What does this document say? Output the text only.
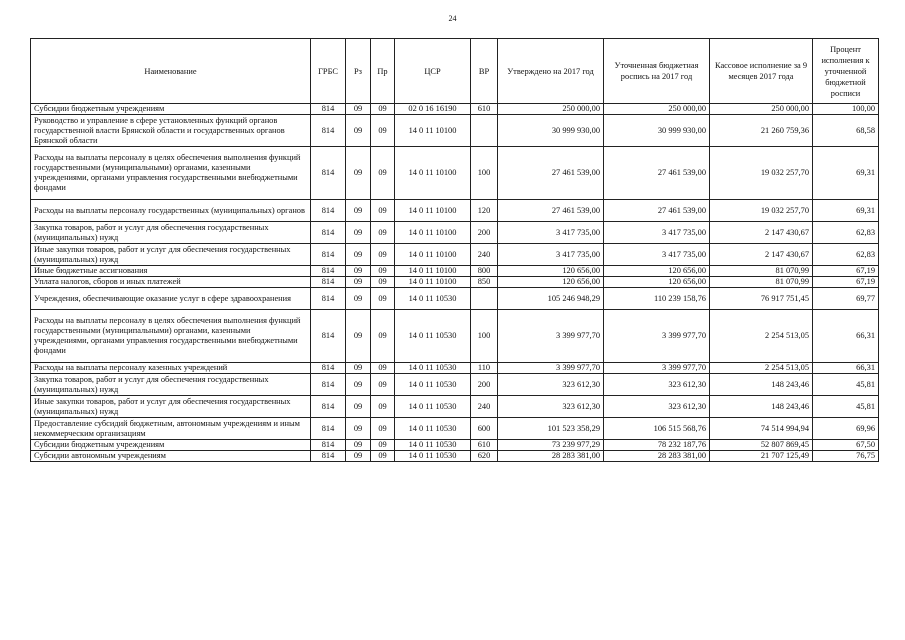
24
Наименование	ГРБС	Рз	Пр	ЦСР	ВР	Утверждено на 2017 год	Уточненная бюджетная роспись на 2017 год	Кассовое исполнение за 9 месяцев 2017 года	Процент исполнения к уточненной бюджетной росписи
Субсидии бюджетным учреждениям	814	09	09	02 0 16 16190	610	250 000,00	250 000,00	250 000,00	100,00
Руководство и управление в сфере установленных функций органов государственной власти Брянской области и государственных органов Брянской области	814	09	09	14 0 11 10100		30 999 930,00	30 999 930,00	21 260 759,36	68,58
Расходы на выплаты персоналу в целях обеспечения выполнения функций государственными (муниципальными) органами, казенными учреждениями, органами управления государственными внебюджетными фондами	814	09	09	14 0 11 10100	100	27 461 539,00	27 461 539,00	19 032 257,70	69,31
Расходы на выплаты персоналу государственных (муниципальных) органов	814	09	09	14 0 11 10100	120	27 461 539,00	27 461 539,00	19 032 257,70	69,31
Закупка товаров, работ и услуг для обеспечения государственных (муниципальных) нужд	814	09	09	14 0 11 10100	200	3 417 735,00	3 417 735,00	2 147 430,67	62,83
Иные закупки товаров, работ и услуг для обеспечения государственных (муниципальных) нужд	814	09	09	14 0 11 10100	240	3 417 735,00	3 417 735,00	2 147 430,67	62,83
Иные бюджетные ассигнования	814	09	09	14 0 11 10100	800	120 656,00	120 656,00	81 070,99	67,19
Уплата налогов, сборов и иных платежей	814	09	09	14 0 11 10100	850	120 656,00	120 656,00	81 070,99	67,19
Учреждения, обеспечивающие оказание услуг в сфере здравоохранения	814	09	09	14 0 11 10530		105 246 948,29	110 239 158,76	76 917 751,45	69,77
Расходы на выплаты персоналу в целях обеспечения выполнения функций государственными (муниципальными) органами, казенными учреждениями, органами управления государственными внебюджетными фондами	814	09	09	14 0 11 10530	100	3 399 977,70	3 399 977,70	2 254 513,05	66,31
Расходы на выплаты персоналу казенных учреждений	814	09	09	14 0 11 10530	110	3 399 977,70	3 399 977,70	2 254 513,05	66,31
Закупка товаров, работ и услуг для обеспечения государственных (муниципальных) нужд	814	09	09	14 0 11 10530	200	323 612,30	323 612,30	148 243,46	45,81
Иные закупки товаров, работ и услуг для обеспечения государственных (муниципальных) нужд	814	09	09	14 0 11 10530	240	323 612,30	323 612,30	148 243,46	45,81
Предоставление субсидий бюджетным, автономным учреждениям и иным некоммерческим организациям	814	09	09	14 0 11 10530	600	101 523 358,29	106 515 568,76	74 514 994,94	69,96
Субсидии бюджетным учреждениям	814	09	09	14 0 11 10530	610	73 239 977,29	78 232 187,76	52 807 869,45	67,50
Субсидии автономным учреждениям	814	09	09	14 0 11 10530	620	28 283 381,00	28 283 381,00	21 707 125,49	76,75
